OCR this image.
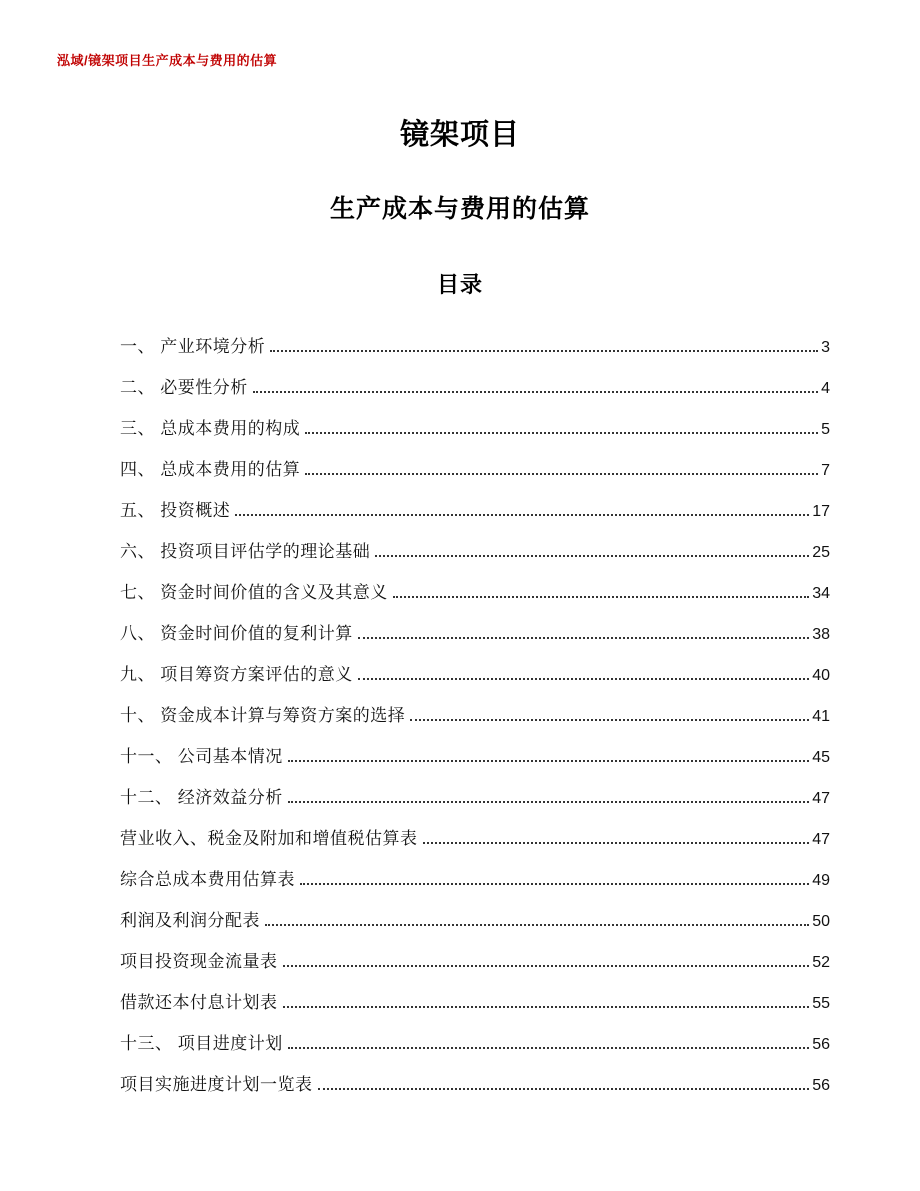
泓域/镜架项目生产成本与费用的估算
镜架项目
生产成本与费用的估算
目录
一、 产业环境分析	3
二、 必要性分析	4
三、 总成本费用的构成	5
四、 总成本费用的估算	7
五、 投资概述	17
六、 投资项目评估学的理论基础	25
七、 资金时间价值的含义及其意义	34
八、 资金时间价值的复利计算	38
九、 项目筹资方案评估的意义	40
十、 资金成本计算与筹资方案的选择	41
十一、 公司基本情况	45
十二、 经济效益分析	47
营业收入、税金及附加和增值税估算表	47
综合总成本费用估算表	49
利润及利润分配表	50
项目投资现金流量表	52
借款还本付息计划表	55
十三、 项目进度计划	56
项目实施进度计划一览表	56
